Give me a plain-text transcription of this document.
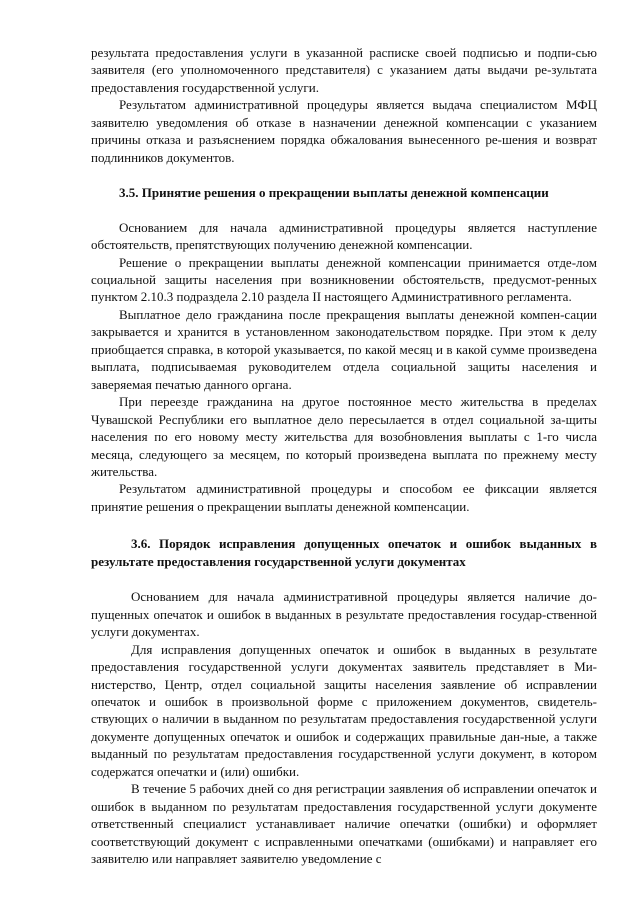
результата предоставления услуги в указанной расписке своей подписью и подпи-сью заявителя (его уполномоченного представителя) с указанием даты выдачи ре-зультата предоставления государственной услуги.

Результатом административной процедуры является выдача специалистом МФЦ заявителю уведомления об отказе в назначении денежной компенсации с указанием причины отказа и разъяснением порядка обжалования вынесенного ре-шения и возврат подлинников документов.

3.5. Принятие решения о прекращении выплаты денежной компенсации

Основанием для начала административной процедуры является наступление обстоятельств, препятствующих получению денежной компенсации.

Решение о прекращении выплаты денежной компенсации принимается отде-лом социальной защиты населения при возникновении обстоятельств, предусмот-ренных пунктом 2.10.3 подраздела 2.10 раздела II настоящего Административного регламента.

Выплатное дело гражданина после прекращения выплаты денежной компен-сации закрывается и хранится в установленном законодательством порядке. При этом к делу приобщается справка, в которой указывается, по какой месяц и в какой сумме произведена выплата, подписываемая руководителем отдела социальной защиты населения и заверяемая печатью данного органа.

При переезде гражданина на другое постоянное место жительства в пределах Чувашской Республики его выплатное дело пересылается в отдел социальной за-щиты населения по его новому месту жительства для возобновления выплаты с 1-го числа месяца, следующего за месяцем, по который произведена выплата по прежнему месту жительства.

Результатом административной процедуры и способом ее фиксации является принятие решения о прекращении выплаты денежной компенсации.

3.6. Порядок исправления допущенных опечаток и ошибок выданных в результате предоставления государственной услуги документах

Основанием для начала административной процедуры является наличие до-пущенных опечаток и ошибок в выданных в результате предоставления государ-ственной услуги документах.

Для исправления допущенных опечаток и ошибок в выданных в результате предоставления государственной услуги документах заявитель представляет в Ми-нистерство, Центр, отдел социальной защиты населения заявление об исправлении опечаток и ошибок в произвольной форме с приложением документов, свидетель-ствующих о наличии в выданном по результатам предоставления государственной услуги документе допущенных опечаток и ошибок и содержащих правильные дан-ные, а также выданный по результатам предоставления государственной услуги документ, в котором содержатся опечатки и (или) ошибки.

В течение 5 рабочих дней со дня регистрации заявления об исправлении опечаток и ошибок в выданном по результатам предоставления государственной услуги документе ответственный специалист устанавливает наличие опечатки (ошибки) и оформляет соответствующий документ с исправленными опечатками (ошибками) и направляет его заявителю или направляет заявителю уведомление с
